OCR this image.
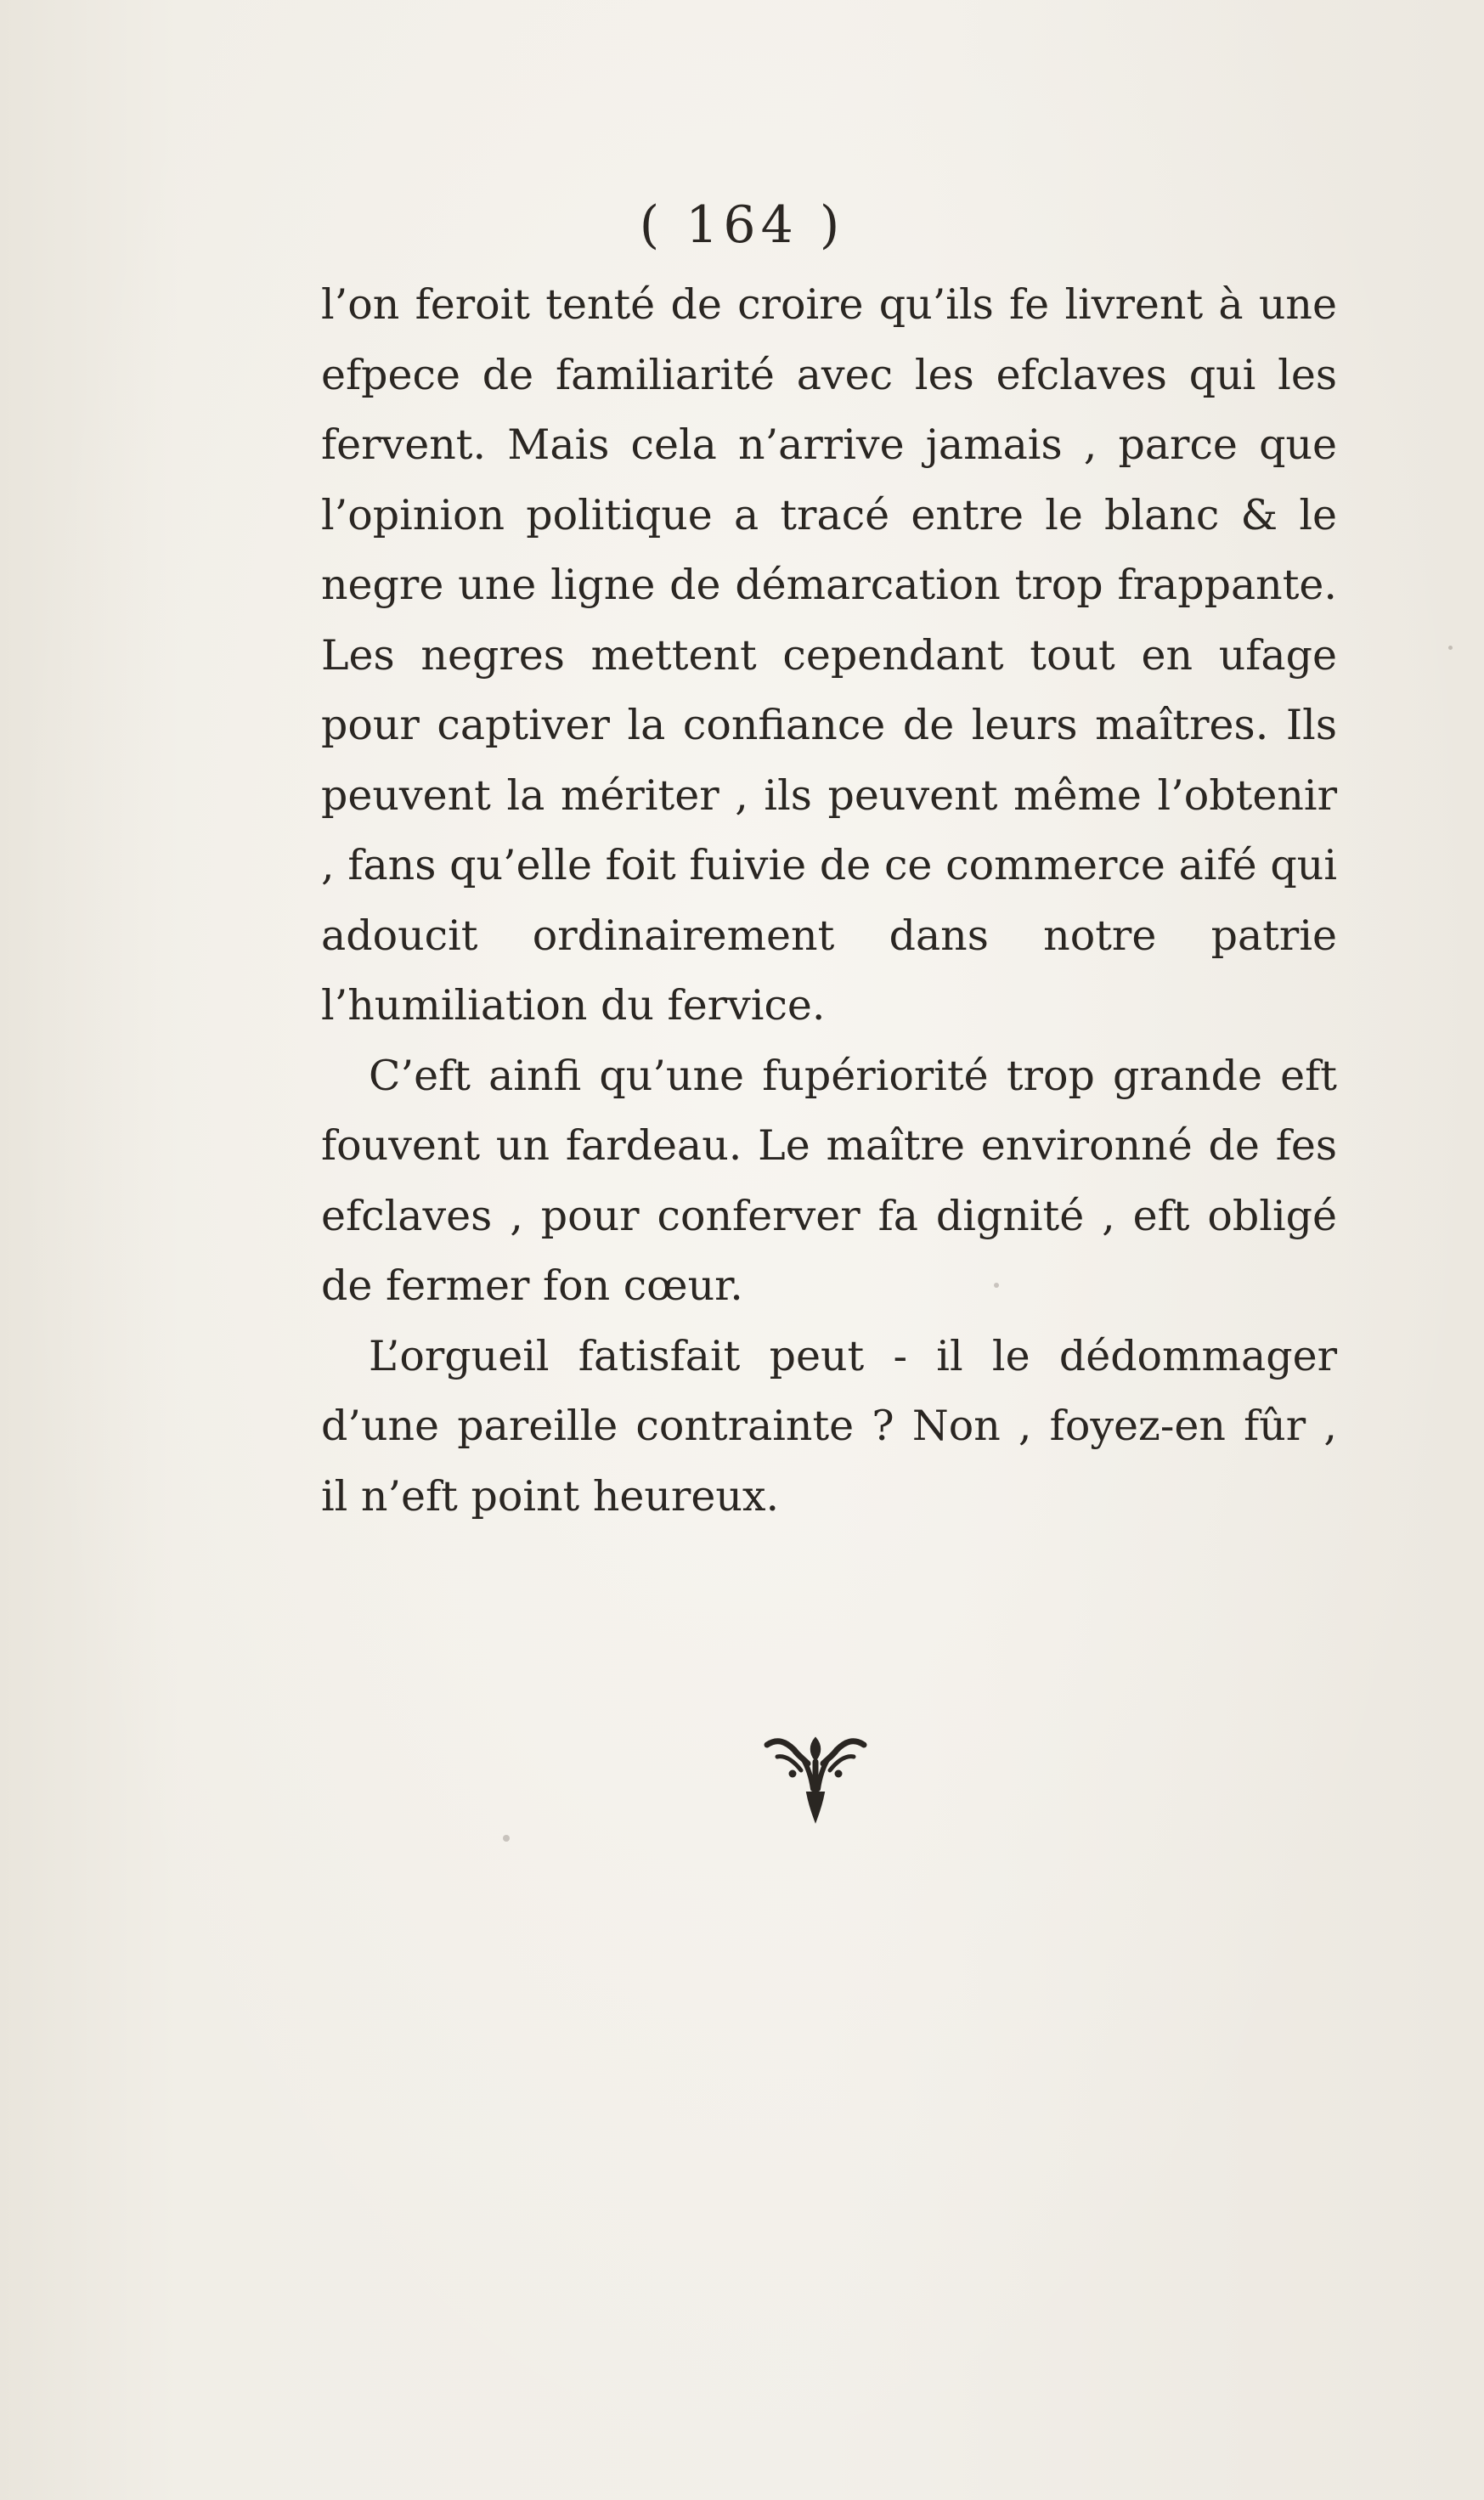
( 164 )

l’on feroit tenté de croire qu’ils fe livrent à une efpece de familiarité avec les efclaves qui les fervent. Mais cela n’arrive jamais , parce que l’opinion politique a tracé entre le blanc & le negre une ligne de démarcation trop frappante. Les negres mettent cependant tout en ufage pour captiver la confiance de leurs maîtres. Ils peuvent la mériter , ils peuvent même l’obtenir , fans qu’elle foit fuivie de ce commerce aifé qui adoucit ordinairement dans notre patrie l’humiliation du fervice.

C’eft ainfi qu’une fupériorité trop grande eft fouvent un fardeau. Le maître environné de fes efclaves , pour conferver fa dignité , eft obligé de fermer fon cœur.

L’orgueil fatisfait peut - il le dédommager d’une pareille contrainte ? Non , foyez-en fûr , il n’eft point heureux.
